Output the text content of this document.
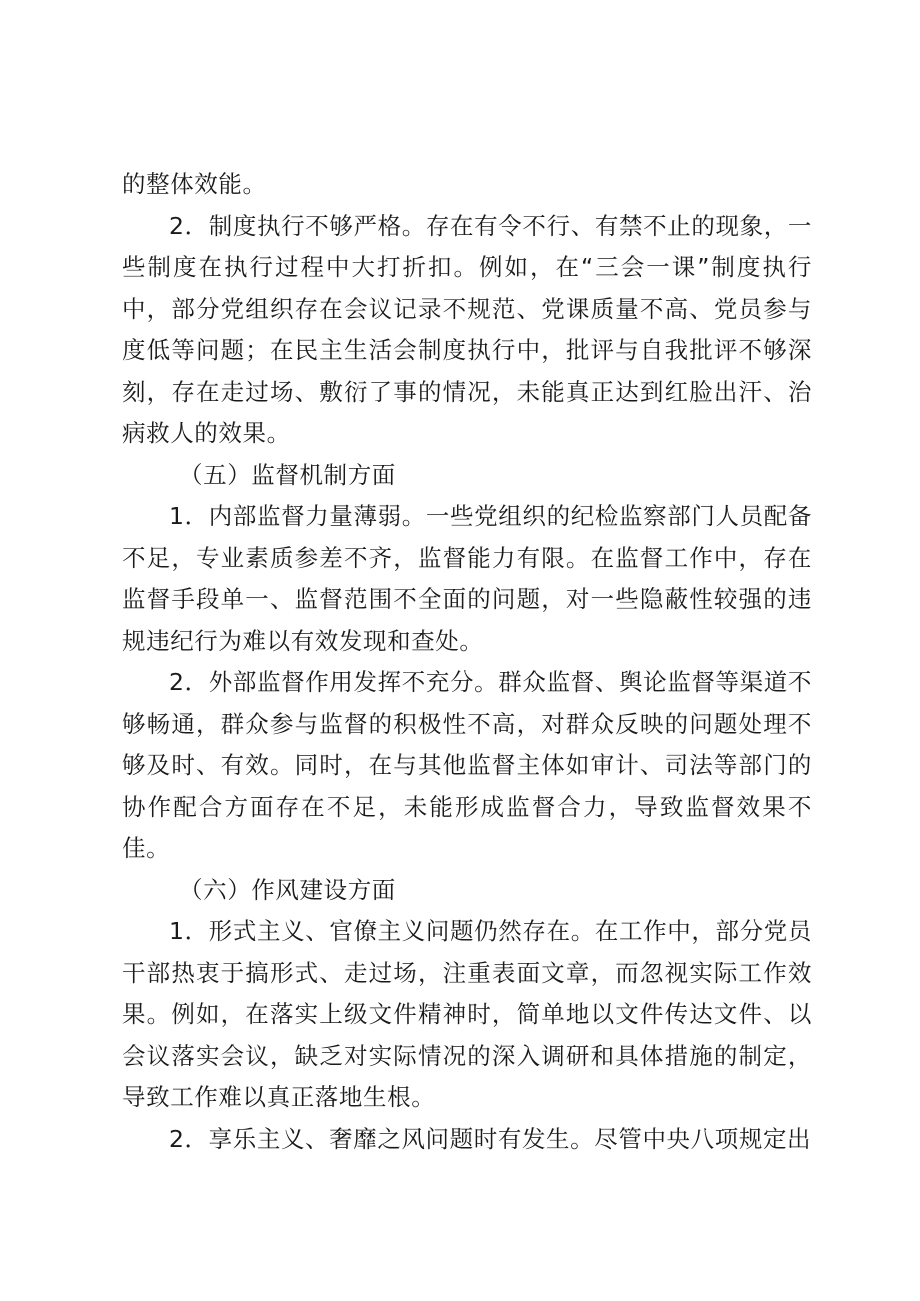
的整体效能。

2．制度执行不够严格。存在有令不行、有禁不止的现象，一些制度在执行过程中大打折扣。例如，在“三会一课”制度执行中，部分党组织存在会议记录不规范、党课质量不高、党员参与度低等问题；在民主生活会制度执行中，批评与自我批评不够深刻，存在走过场、敷衍了事的情况，未能真正达到红脸出汗、治病救人的效果。

（五）监督机制方面

1．内部监督力量薄弱。一些党组织的纪检监察部门人员配备不足，专业素质参差不齐，监督能力有限。在监督工作中，存在监督手段单一、监督范围不全面的问题，对一些隐蔽性较强的违规违纪行为难以有效发现和查处。

2．外部监督作用发挥不充分。群众监督、舆论监督等渠道不够畅通，群众参与监督的积极性不高，对群众反映的问题处理不够及时、有效。同时，在与其他监督主体如审计、司法等部门的协作配合方面存在不足，未能形成监督合力，导致监督效果不佳。

（六）作风建设方面

1．形式主义、官僚主义问题仍然存在。在工作中，部分党员干部热衷于搞形式、走过场，注重表面文章，而忽视实际工作效果。例如，在落实上级文件精神时，简单地以文件传达文件、以会议落实会议，缺乏对实际情况的深入调研和具体措施的制定，导致工作难以真正落地生根。

2．享乐主义、奢靡之风问题时有发生。尽管中央八项规定出
